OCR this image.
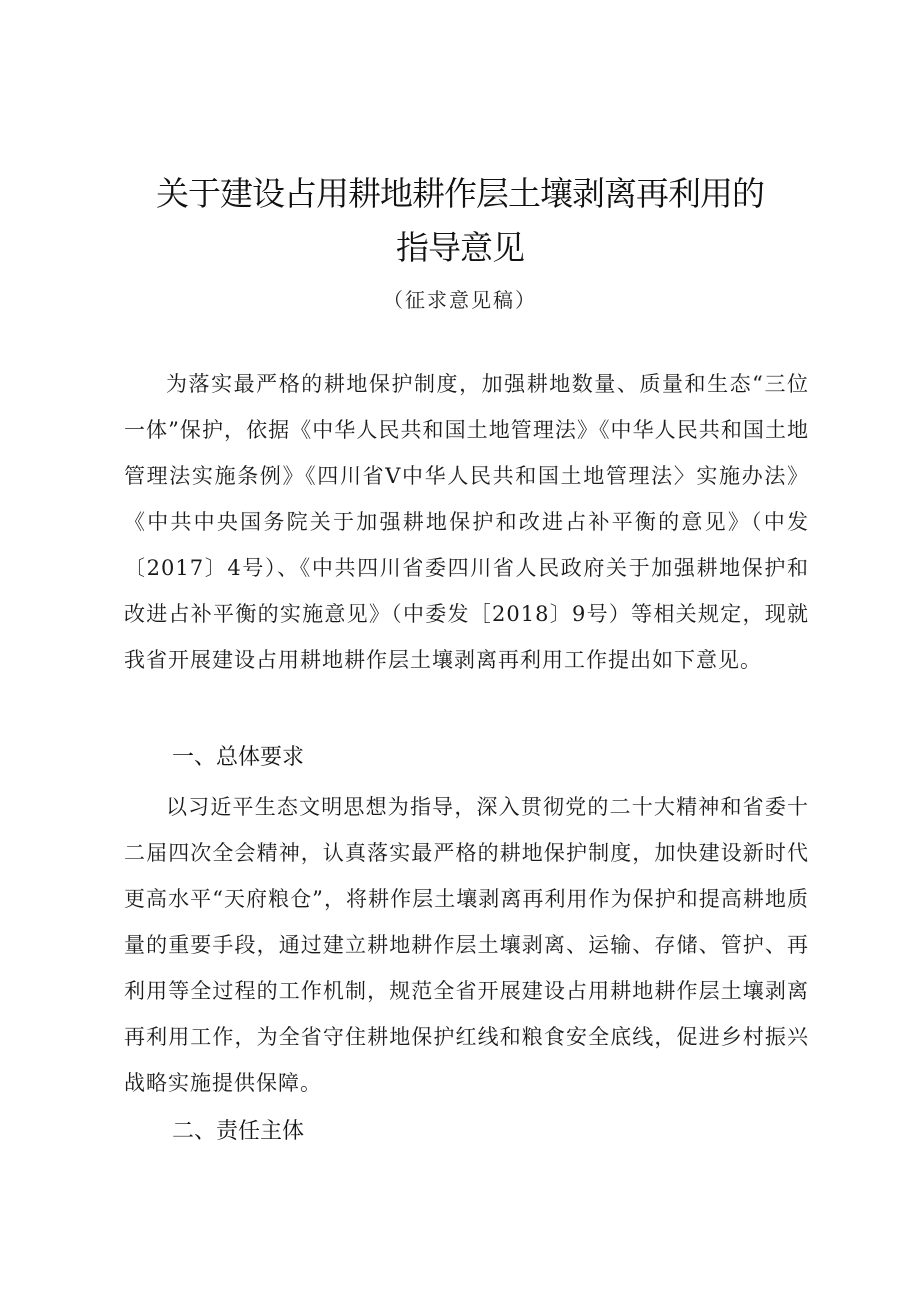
关于建设占用耕地耕作层土壤剥离再利用的
指导意见
（征求意见稿）

为落实最严格的耕地保护制度，加强耕地数量、质量和生态“三位一体”保护，依据《中华人民共和国土地管理法》《中华人民共和国土地管理法实施条例》《四川省V中华人民共和国土地管理法〉实施办法》《中共中央国务院关于加强耕地保护和改进占补平衡的意见》（中发〔2017〕4号）、《中共四川省委四川省人民政府关于加强耕地保护和改进占补平衡的实施意见》（中委发［2018〕9号）等相关规定，现就我省开展建设占用耕地耕作层土壤剥离再利用工作提出如下意见。

一、总体要求

以习近平生态文明思想为指导，深入贯彻党的二十大精神和省委十二届四次全会精神，认真落实最严格的耕地保护制度，加快建设新时代更高水平“天府粮仓”，将耕作层土壤剥离再利用作为保护和提高耕地质量的重要手段，通过建立耕地耕作层土壤剥离、运输、存储、管护、再利用等全过程的工作机制，规范全省开展建设占用耕地耕作层土壤剥离再利用工作，为全省守住耕地保护红线和粮食安全底线，促进乡村振兴战略实施提供保障。

二、责任主体
